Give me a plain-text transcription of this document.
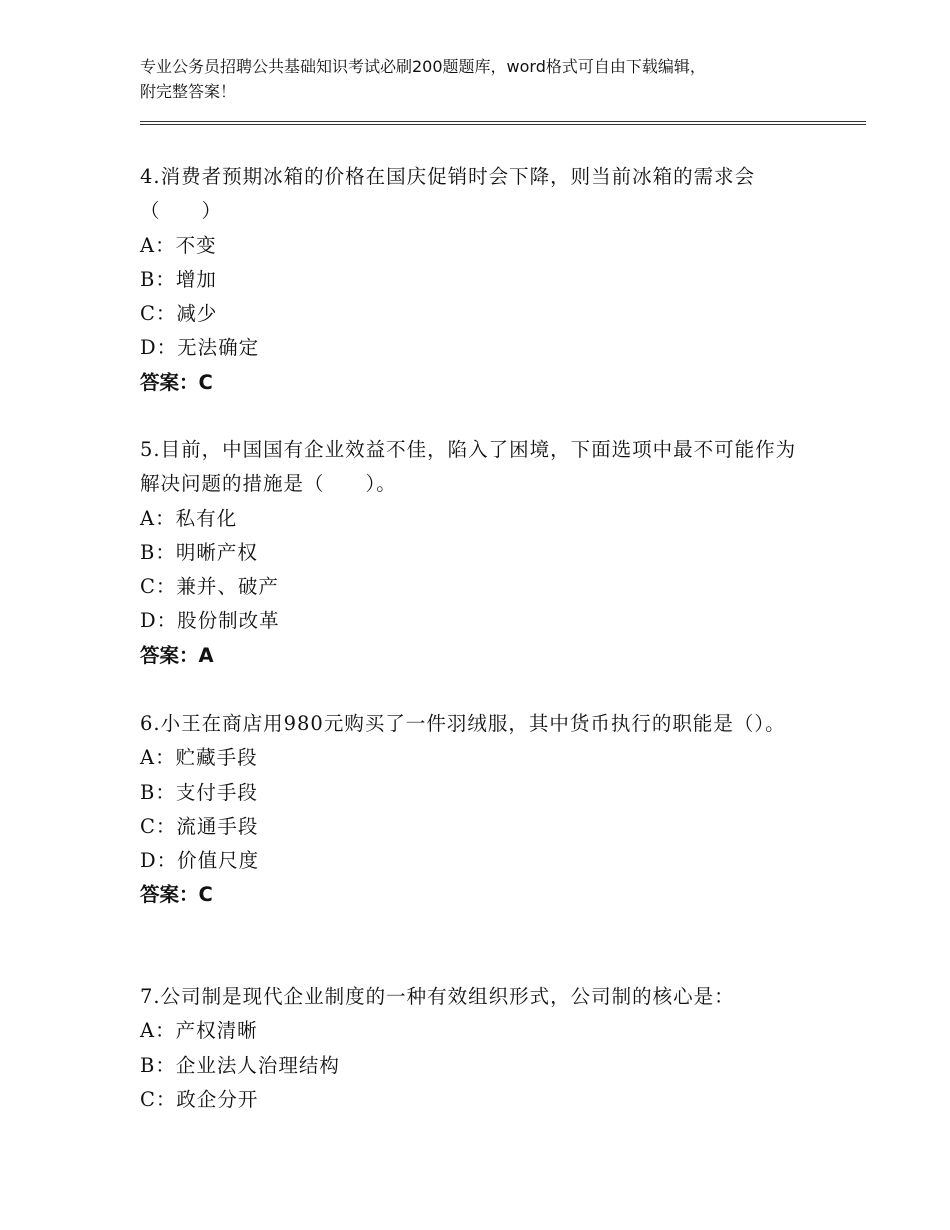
专业公务员招聘公共基础知识考试必刷200题题库，word格式可自由下载编辑，
附完整答案！

4.消费者预期冰箱的价格在国庆促销时会下降，则当前冰箱的需求会（　　）

A：不变

B：增加

C：减少

D：无法确定

答案：C

5.目前，中国国有企业效益不佳，陷入了困境，下面选项中最不可能作为解决问题的措施是（　　）。

A：私有化

B：明晰产权

C：兼并、破产

D：股份制改革

答案：A

6.小王在商店用980元购买了一件羽绒服，其中货币执行的职能是（）。

A：贮藏手段

B：支付手段

C：流通手段

D：价值尺度

答案：C

7.公司制是现代企业制度的一种有效组织形式，公司制的核心是：

A：产权清晰

B：企业法人治理结构

C：政企分开
